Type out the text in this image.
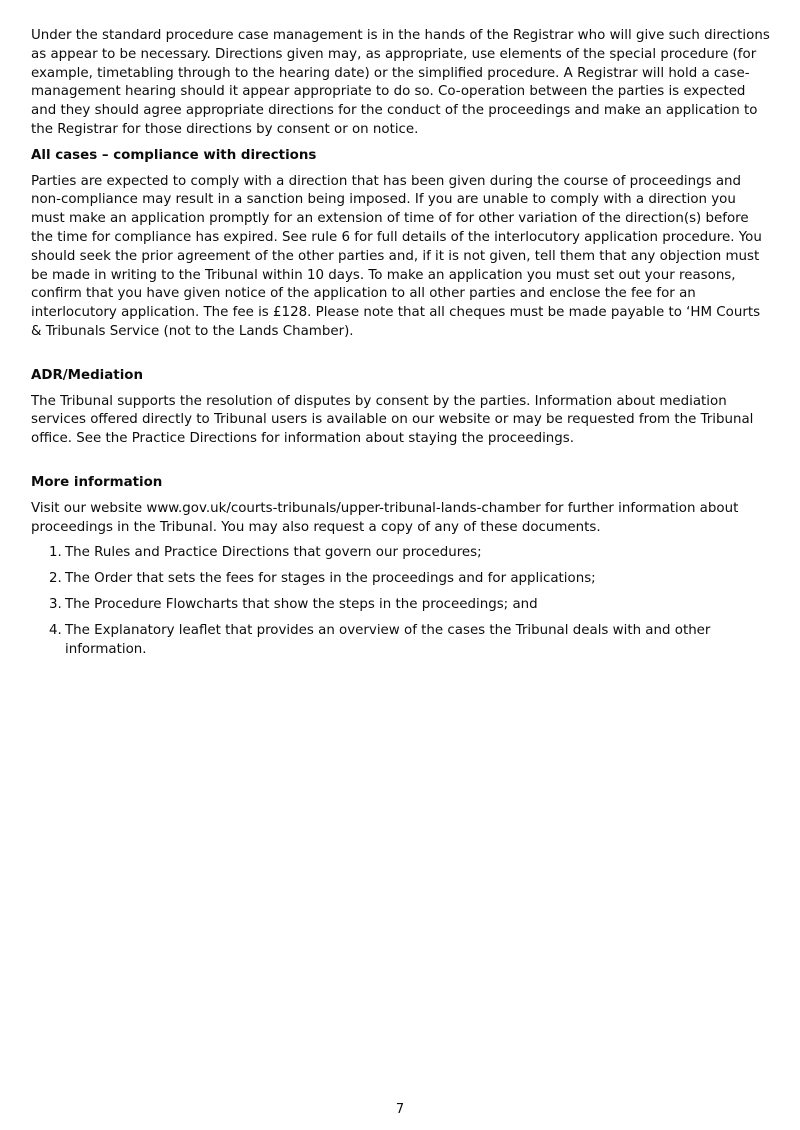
Under the standard procedure case management is in the hands of the Registrar who will give such directions as appear to be necessary. Directions given may, as appropriate, use elements of the special procedure (for example, timetabling through to the hearing date) or the simplified procedure. A Registrar will hold a case-management hearing should it appear appropriate to do so. Co-operation between the parties is expected and they should agree appropriate directions for the conduct of the proceedings and make an application to the Registrar for those directions by consent or on notice.

All cases – compliance with directions

Parties are expected to comply with a direction that has been given during the course of proceedings and non-compliance may result in a sanction being imposed. If you are unable to comply with a direction you must make an application promptly for an extension of time of for other variation of the direction(s) before the time for compliance has expired. See rule 6 for full details of the interlocutory application procedure. You should seek the prior agreement of the other parties and, if it is not given, tell them that any objection must be made in writing to the Tribunal within 10 days. To make an application you must set out your reasons, confirm that you have given notice of the application to all other parties and enclose the fee for an interlocutory application. The fee is £128. Please note that all cheques must be made payable to ‘HM Courts & Tribunals Service (not to the Lands Chamber).

ADR/Mediation

The Tribunal supports the resolution of disputes by consent by the parties. Information about mediation services offered directly to Tribunal users is available on our website or may be requested from the Tribunal office. See the Practice Directions for information about staying the proceedings.

More information

Visit our website www.gov.uk/courts-tribunals/upper-tribunal-lands-chamber for further information about proceedings in the Tribunal. You may also request a copy of any of these documents.

1. The Rules and Practice Directions that govern our procedures;
2. The Order that sets the fees for stages in the proceedings and for applications;
3. The Procedure Flowcharts that show the steps in the proceedings; and
4. The Explanatory leaflet that provides an overview of the cases the Tribunal deals with and other information.
7
